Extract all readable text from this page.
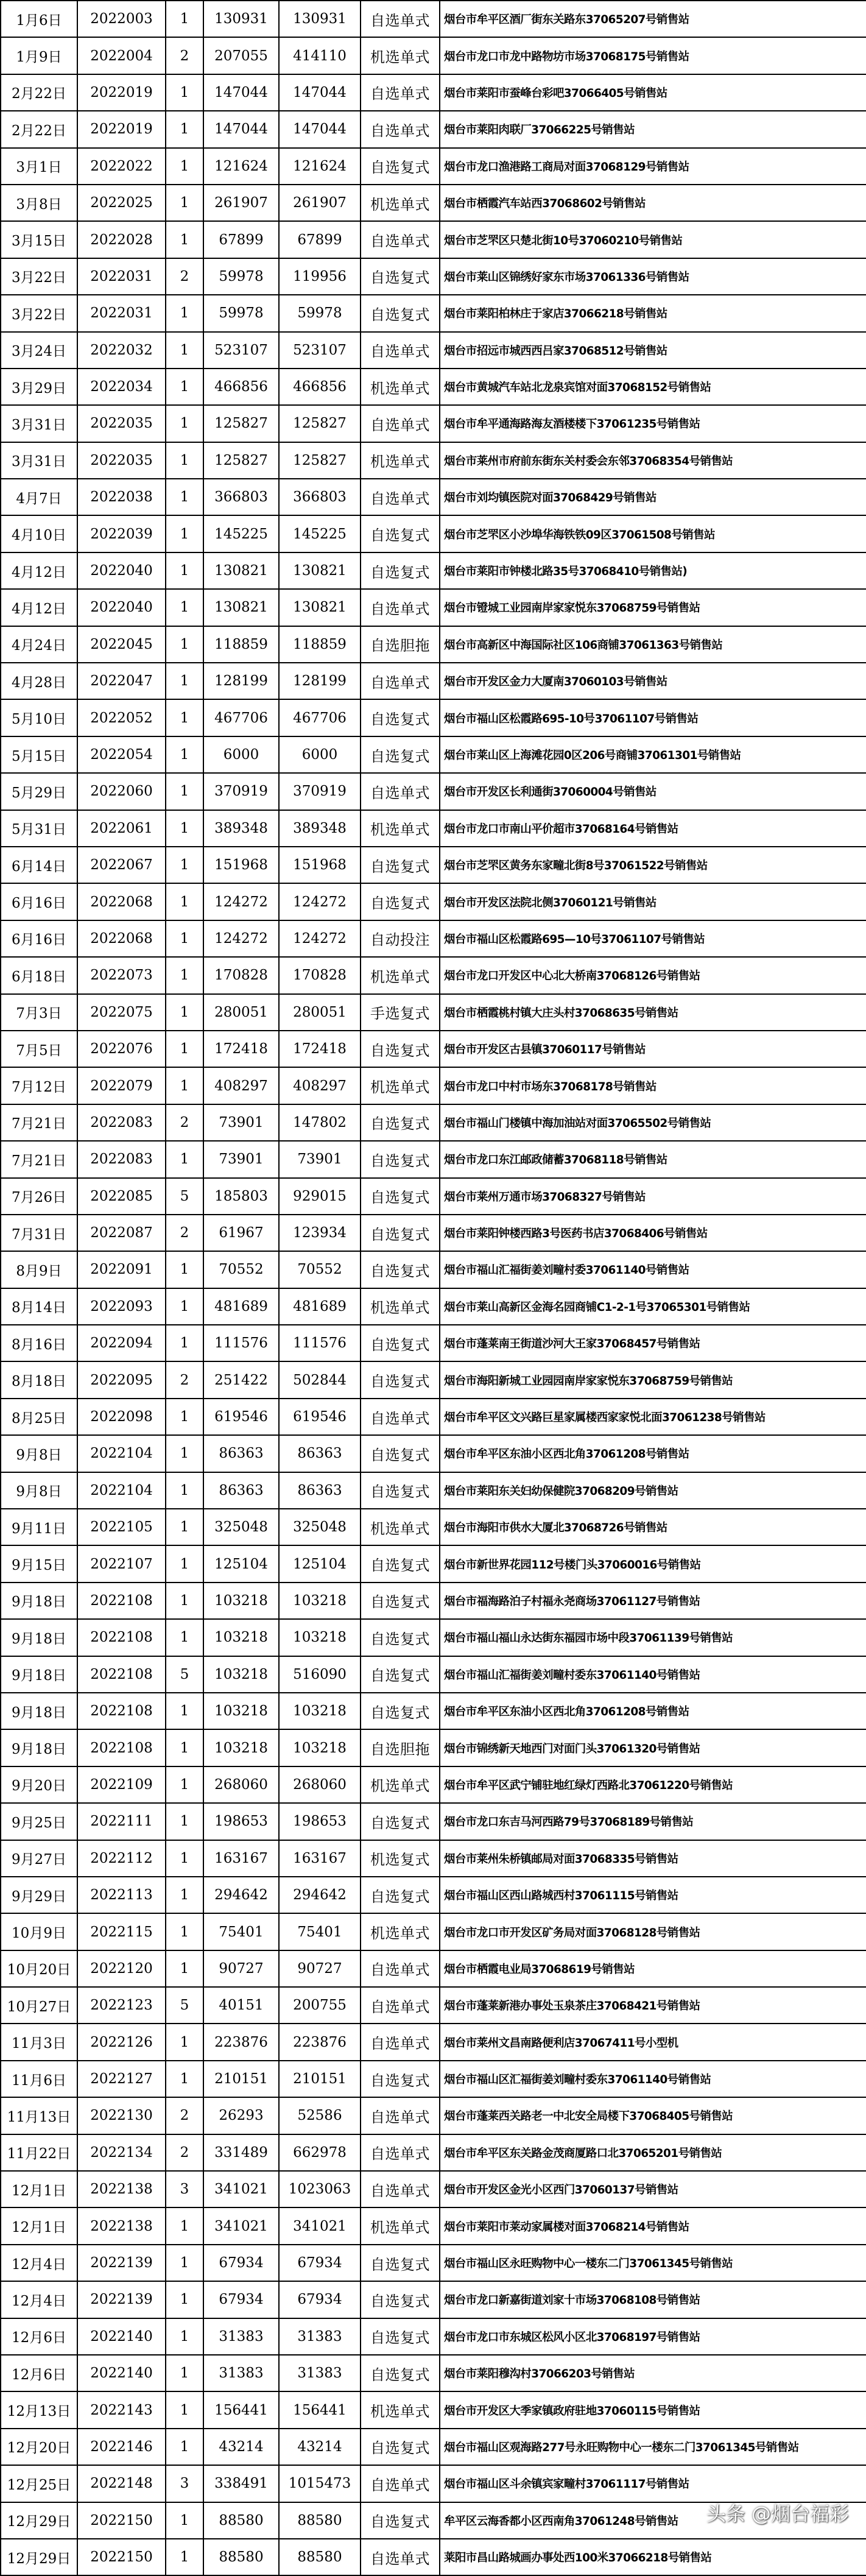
1月6日	2022003	1	130931	130931	自选单式	烟台市牟平区酒厂街东关路东37065207号销售站
1月9日	2022004	2	207055	414110	机选单式	烟台市龙口市龙中路物坊市场37068175号销售站
2月22日	2022019	1	147044	147044	自选单式	烟台市莱阳市蚕峰台彩吧37066405号销售站
2月22日	2022019	1	147044	147044	自选单式	烟台市莱阳肉联厂37066225号销售站
3月1日	2022022	1	121624	121624	自选复式	烟台市龙口渔港路工商局对面37068129号销售站
3月8日	2022025	1	261907	261907	机选单式	烟台市栖霞汽车站西37068602号销售站
3月15日	2022028	1	67899	67899	自选单式	烟台市芝罘区只楚北街10号37060210号销售站
3月22日	2022031	2	59978	119956	自选复式	烟台市莱山区锦绣好家东市场37061336号销售站
3月22日	2022031	1	59978	59978	自选复式	烟台市莱阳柏林庄于家店37066218号销售站
3月24日	2022032	1	523107	523107	自选单式	烟台市招远市城西西吕家37068512号销售站
3月29日	2022034	1	466856	466856	机选单式	烟台市黄城汽车站北龙泉宾馆对面37068152号销售站
3月31日	2022035	1	125827	125827	自选单式	烟台市牟平通海路海友酒楼楼下37061235号销售站
3月31日	2022035	1	125827	125827	机选单式	烟台市莱州市府前东街东关村委会东邻37068354号销售站
4月7日	2022038	1	366803	366803	自选单式	烟台市刘均镇医院对面37068429号销售站
4月10日	2022039	1	145225	145225	自选复式	烟台市芝罘区小沙埠华海铁铁09区37061508号销售站
4月12日	2022040	1	130821	130821	自选复式	烟台市莱阳市钟楼北路35号37068410号销售站)
4月12日	2022040	1	130821	130821	自选单式	烟台市镫城工业园南岸家家悦东37068759号销售站
4月24日	2022045	1	118859	118859	自选胆拖	烟台市高新区中海国际社区106商铺37061363号销售站
4月28日	2022047	1	128199	128199	自选单式	烟台市开发区金力大厦南37060103号销售站
5月10日	2022052	1	467706	467706	自选复式	烟台市福山区松霞路695-10号37061107号销售站
5月15日	2022054	1	6000	6000	自选复式	烟台市莱山区上海滩花园0区206号商铺37061301号销售站
5月29日	2022060	1	370919	370919	自选单式	烟台市开发区长利通街37060004号销售站
5月31日	2022061	1	389348	389348	机选单式	烟台市龙口市南山平价超市37068164号销售站
6月14日	2022067	1	151968	151968	自选复式	烟台市芝罘区黄务东家疃北街8号37061522号销售站
6月16日	2022068	1	124272	124272	自选复式	烟台市开发区法院北侧37060121号销售站
6月16日	2022068	1	124272	124272	自动投注	烟台市福山区松霞路695—10号37061107号销售站
6月18日	2022073	1	170828	170828	机选单式	烟台市龙口开发区中心北大桥南37068126号销售站
7月3日	2022075	1	280051	280051	手选复式	烟台市栖霞桃村镇大庄头村37068635号销售站
7月5日	2022076	1	172418	172418	自选复式	烟台市开发区古县镇37060117号销售站
7月12日	2022079	1	408297	408297	机选单式	烟台市龙口中村市场东37068178号销售站
7月21日	2022083	2	73901	147802	自选复式	烟台市福山门楼镇中海加油站对面37065502号销售站
7月21日	2022083	1	73901	73901	自选复式	烟台市龙口东江邮政储蓄37068118号销售站
7月26日	2022085	5	185803	929015	自选复式	烟台市莱州万通市场37068327号销售站
7月31日	2022087	2	61967	123934	自选复式	烟台市莱阳钟楼西路3号医药书店37068406号销售站
8月9日	2022091	1	70552	70552	自选复式	烟台市福山汇福街姜刘疃村委37061140号销售站
8月14日	2022093	1	481689	481689	机选单式	烟台市莱山高新区金海名园商铺C1-2-1号37065301号销售站
8月16日	2022094	1	111576	111576	自选复式	烟台市蓬莱南王街道沙河大王家37068457号销售站
8月18日	2022095	2	251422	502844	自选复式	烟台市海阳新城工业园园南岸家家悦东37068759号销售站
8月25日	2022098	1	619546	619546	自选单式	烟台市牟平区文兴路巨星家属楼西家家悦北面37061238号销售站
9月8日	2022104	1	86363	86363	自选复式	烟台市牟平区东油小区西北角37061208号销售站
9月8日	2022104	1	86363	86363	自选复式	烟台市莱阳东关妇幼保健院37068209号销售站
9月11日	2022105	1	325048	325048	机选单式	烟台市海阳市供水大厦北37068726号销售站
9月15日	2022107	1	125104	125104	自选复式	烟台市新世界花园112号楼门头37060016号销售站
9月18日	2022108	1	103218	103218	自选复式	烟台市福海路泊子村福永尧商场37061127号销售站
9月18日	2022108	1	103218	103218	自选复式	烟台市福山福山永达街东福园市场中段37061139号销售站
9月18日	2022108	5	103218	516090	自选复式	烟台市福山汇福街姜刘疃村委东37061140号销售站
9月18日	2022108	1	103218	103218	自选复式	烟台市牟平区东油小区西北角37061208号销售站
9月18日	2022108	1	103218	103218	自选胆拖	烟台市锦绣新天地西门对面门头37061320号销售站
9月20日	2022109	1	268060	268060	机选单式	烟台市牟平区武宁铺驻地红绿灯西路北37061220号销售站
9月25日	2022111	1	198653	198653	自选复式	烟台市龙口东吉马河西路79号37068189号销售站
9月27日	2022112	1	163167	163167	机选复式	烟台市莱州朱桥镇邮局对面37068335号销售站
9月29日	2022113	1	294642	294642	自选复式	烟台市福山区西山路城西村37061115号销售站
10月9日	2022115	1	75401	75401	机选单式	烟台市龙口市开发区矿务局对面37068128号销售站
10月20日	2022120	1	90727	90727	自选单式	烟台市栖霞电业局37068619号销售站
10月27日	2022123	5	40151	200755	自选单式	烟台市蓬莱新港办事处玉泉茶庄37068421号销售站
11月3日	2022126	1	223876	223876	自选单式	烟台市莱州文昌南路便利店37067411号小型机
11月6日	2022127	1	210151	210151	自选复式	烟台市福山区汇福街姜刘疃村委东37061140号销售站
11月13日	2022130	2	26293	52586	自选单式	烟台市蓬莱西关路老一中北安全局楼下37068405号销售站
11月22日	2022134	2	331489	662978	自选单式	烟台市牟平区东关路金茂商厦路口北37065201号销售站
12月1日	2022138	3	341021	1023063	自选单式	烟台市开发区金光小区西门37060137号销售站
12月1日	2022138	1	341021	341021	机选单式	烟台市莱阳市莱动家属楼对面37068214号销售站
12月4日	2022139	1	67934	67934	自选复式	烟台市福山区永旺购物中心一楼东二门37061345号销售站
12月4日	2022139	1	67934	67934	自选复式	烟台市龙口新嘉街道刘家十市场37068108号销售站
12月6日	2022140	1	31383	31383	自选复式	烟台市龙口市东城区松风小区北37068197号销售站
12月6日	2022140	1	31383	31383	自选复式	烟台市莱阳穆沟村37066203号销售站
12月13日	2022143	1	156441	156441	机选单式	烟台市开发区大季家镇政府驻地37060115号销售站
12月20日	2022146	1	43214	43214	自选复式	烟台市福山区观海路277号永旺购物中心一楼东二门37061345号销售站
12月25日	2022148	3	338491	1015473	自选单式	烟台市福山区斗余镇宾家疃村37061117号销售站
12月29日	2022150	1	88580	88580	自选复式	牟平区云海香都小区西南角37061248号销售站
12月29日	2022150	1	88580	88580	自选单式	莱阳市昌山路城画办事处西100米37066218号销售站
头条 @烟台福彩
